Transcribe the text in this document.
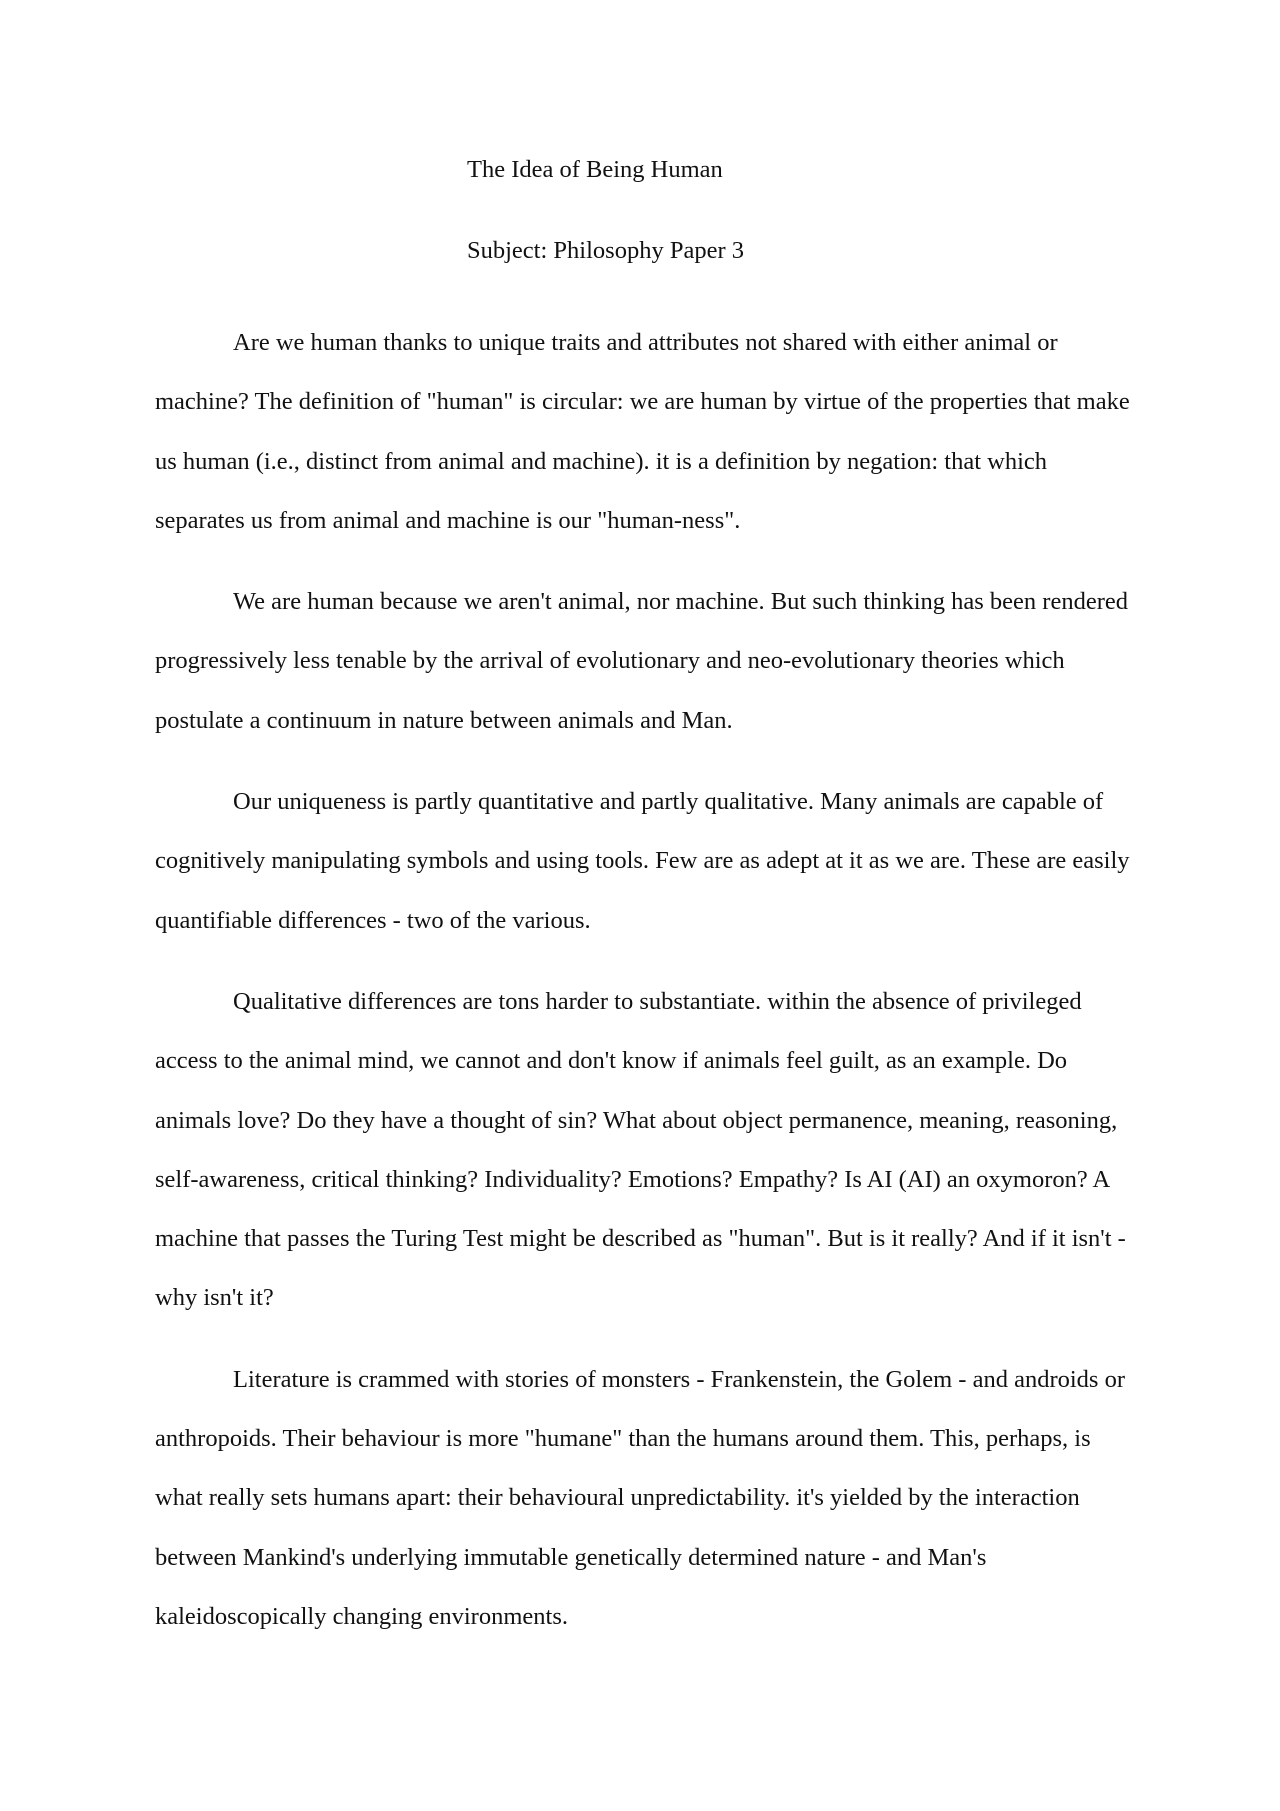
The Idea of Being Human
Subject: Philosophy Paper 3

Are we human thanks to unique traits and attributes not shared with either animal or machine? The definition of "human" is circular: we are human by virtue of the properties that make us human (i.e., distinct from animal and machine). it is a definition by negation: that which separates us from animal and machine is our "human-ness".

We are human because we aren't animal, nor machine. But such thinking has been rendered progressively less tenable by the arrival of evolutionary and neo-evolutionary theories which postulate a continuum in nature between animals and Man.

Our uniqueness is partly quantitative and partly qualitative. Many animals are capable of cognitively manipulating symbols and using tools. Few are as adept at it as we are. These are easily quantifiable differences - two of the various.

Qualitative differences are tons harder to substantiate. within the absence of privileged access to the animal mind, we cannot and don't know if animals feel guilt, as an example. Do animals love? Do they have a thought of sin? What about object permanence, meaning, reasoning, self-awareness, critical thinking? Individuality? Emotions? Empathy? Is AI (AI) an oxymoron? A machine that passes the Turing Test might be described as "human". But is it really? And if it isn't - why isn't it?

Literature is crammed with stories of monsters - Frankenstein, the Golem - and androids or anthropoids. Their behaviour is more "humane" than the humans around them. This, perhaps, is what really sets humans apart: their behavioural unpredictability. it's yielded by the interaction between Mankind's underlying immutable genetically determined nature - and Man's kaleidoscopically changing environments.
